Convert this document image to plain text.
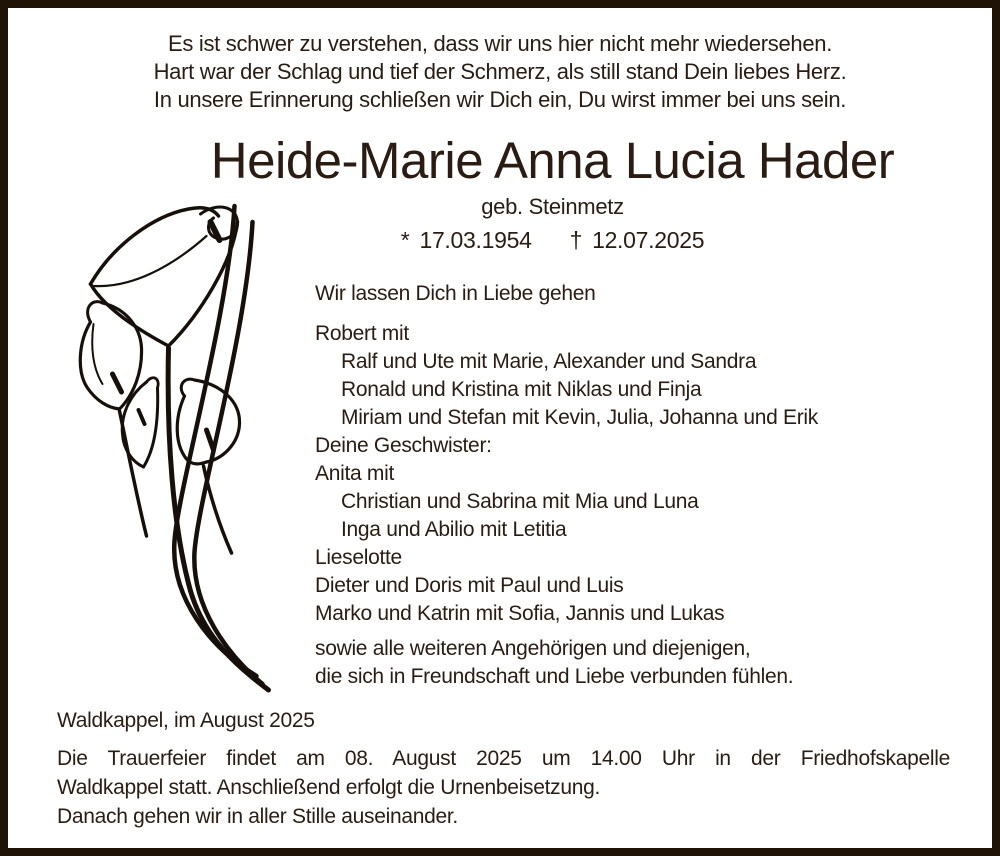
Es ist schwer zu verstehen, dass wir uns hier nicht mehr wiedersehen.
Hart war der Schlag und tief der Schmerz, als still stand Dein liebes Herz.
In unsere Erinnerung schließen wir Dich ein, Du wirst immer bei uns sein.
Heide-Marie Anna Lucia Hader
geb. Steinmetz
* 17.03.1954 † 12.07.2025
Wir lassen Dich in Liebe gehen
Robert mit
Ralf und Ute mit Marie, Alexander und Sandra
Ronald und Kristina mit Niklas und Finja
Miriam und Stefan mit Kevin, Julia, Johanna und Erik
Deine Geschwister:
Anita mit
Christian und Sabrina mit Mia und Luna
Inga und Abilio mit Letitia
Lieselotte
Dieter und Doris mit Paul und Luis
Marko und Katrin mit Sofia, Jannis und Lukas
sowie alle weiteren Angehörigen und diejenigen,
die sich in Freundschaft und Liebe verbunden fühlen.
Waldkappel, im August 2025
Die Trauerfeier findet am 08. August 2025 um 14.00 Uhr in der Friedhofskapelle
Waldkappel statt. Anschließend erfolgt die Urnenbeisetzung.
Danach gehen wir in aller Stille auseinander.
